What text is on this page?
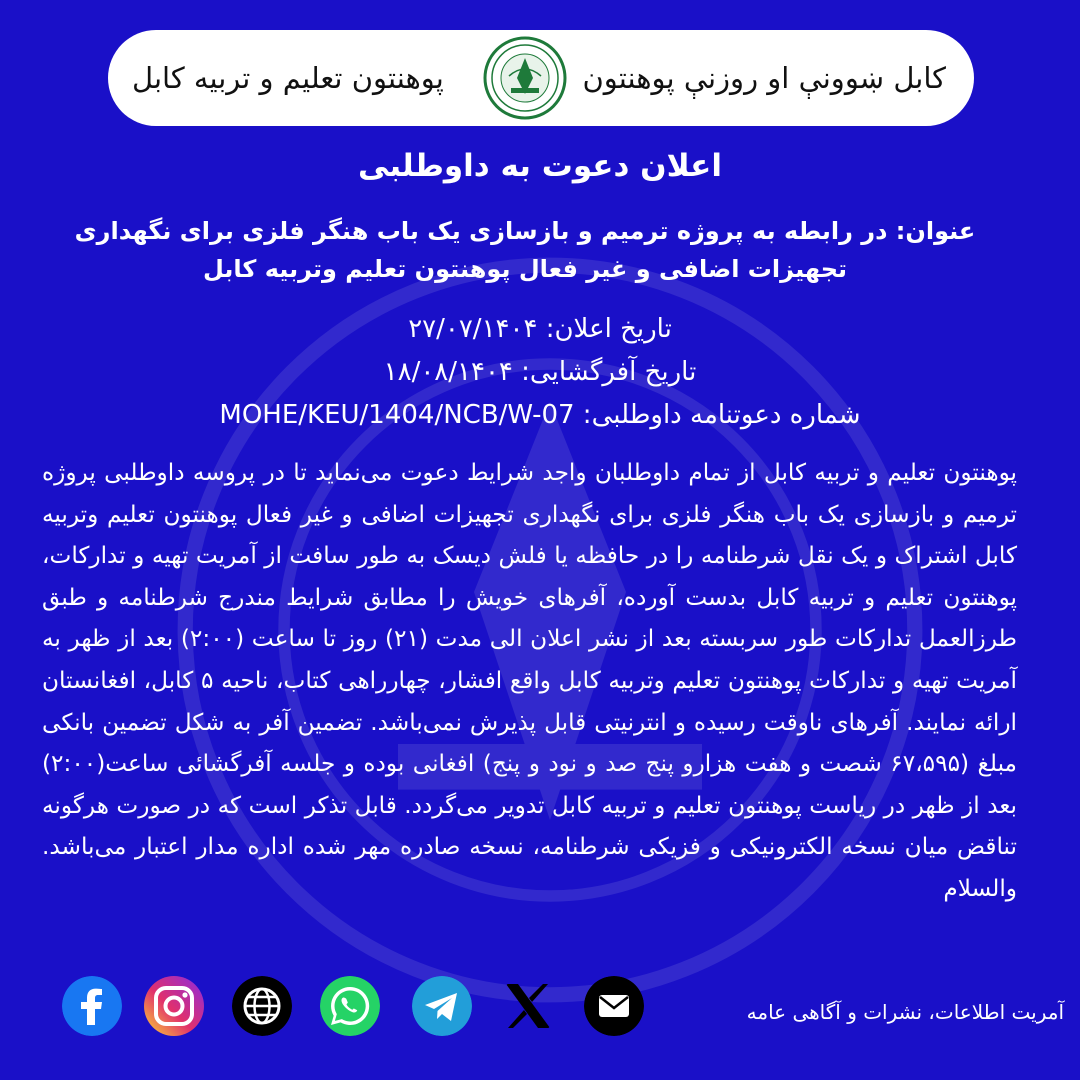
کابل ښوونې او روزنې پوهنتون
پوهنتون تعلیم و تربیه کابل
اعلان دعوت به داوطلبی
عنوان: در رابطه به پروژه ترمیم و بازسازی یک باب هنگر فلزی برای نگهداری تجهیزات اضافی و غیر فعال پوهنتون تعلیم وتربیه کابل
تاریخ اعلان: ۲۷/۰۷/۱۴۰۴
تاریخ آفرگشایی: ۱۸/۰۸/۱۴۰۴
شماره دعوتنامه داوطلبی: MOHE/KEU/1404/NCB/W-07
پوهنتون تعلیم و تربیه کابل از تمام داوطلبان واجد شرایط دعوت می‌نماید تا در پروسه داوطلبی پروژه ترمیم و بازسازی یک باب هنگر فلزی برای نگهداری تجهیزات اضافی و غیر فعال پوهنتون تعلیم وتربیه کابل اشتراک و یک نقل شرطنامه را در حافظه یا فلش دیسک به طور سافت از آمریت تهیه و تدارکات، پوهنتون تعلیم و تربیه کابل بدست آورده، آفرهای خویش را مطابق شرایط مندرج شرطنامه و طبق طرزالعمل تدارکات طور سربسته بعد از نشر اعلان الی مدت (۲۱) روز تا ساعت (۲:۰۰) بعد از ظهر به آمریت تهیه و تدارکات پوهنتون تعلیم وتربیه کابل واقع افشار، چهارراهی کتاب، ناحیه ۵ کابل، افغانستان ارائه نمایند. آفرهای ناوقت رسیده و انترنیتی قابل پذیرش نمی‌باشد. تضمین آفر به شکل تضمین بانکی مبلغ (۶۷،۵۹۵ شصت و هفت هزارو پنج صد و نود و پنج) افغانی بوده و جلسه آفرگشائی ساعت(۲:۰۰) بعد از ظهر در ریاست پوهنتون تعلیم و تربیه کابل تدویر می‌گردد. قابل تذکر است که در صورت هرگونه تناقض میان نسخه الکترونیکی و فزیکی شرطنامه، نسخه صادره مهر شده اداره مدار اعتبار می‌باشد. والسلام
آمریت اطلاعات، نشرات و آگاهی عامه
